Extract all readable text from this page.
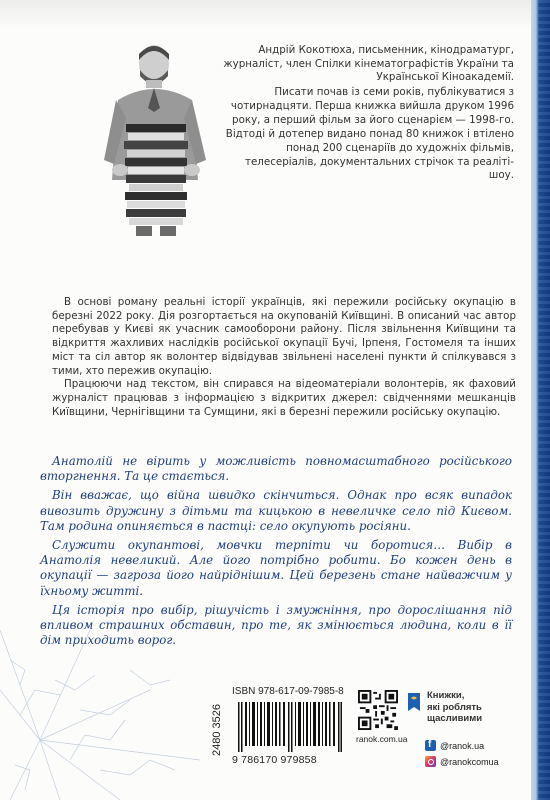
Андрій Кокотюха, письменник, кінодраматург, журналіст, член Спілки кінематографістів України та Української Кіноакадемії.

Писати почав із семи років, публікуватися з чотирнадцяти. Перша книжка вийшла друком 1996 року, а перший фільм за його сценарієм — 1998-го.

Відтоді й дотепер видано понад 80 книжок і втілено понад 200 сценаріїв до художніх фільмів, телесеріалів, документальних стрічок та реаліті-шоу.

В основі роману реальні історії українців, які пережили російську окупацію в березні 2022 року. Дія розгортається на окупованій Київщині. В описаний час автор перебував у Києві як учасник самооборони району. Після звільнення Київщини та відкриття жахливих наслідків російської окупації Бучі, Ірпеня, Гостомеля та інших міст та сіл автор як волонтер відвідував звільнені населені пункти й спілкувався з тими, хто пережив окупацію.

Працюючи над текстом, він спирався на відеоматеріали волонтерів, як фаховий журналіст працював з інформацією з відкритих джерел: свідченнями мешканців Київщини, Чернігівщини та Сумщини, які в березні пережили російську окупацію.

Анатолій не вірить у можливість повномасштабного російського вторгнення. Та це стається.

Він вважає, що війна швидко скінчиться. Однак про всяк випадок вивозить дружину з дітьми та кицькою в невеличке село під Києвом. Там родина опиняється в пастці: село окупують росіяни.

Служити окупантові, мовчки терпіти чи боротися… Вибір в Анатолія невеликий. Але його потрібно робити. Бо кожен день в окупації — загроза його найріднішим. Цей березень стане найважчим у їхньому житті.

Ця історія про вибір, рішучість і змужніння, про дорослішання під впливом страшних обставин, про те, як змінюється людина, коли в її дім приходить ворог.

2480 3526
ISBN 978-617-09-7985-8
9 786170 979858
ranok.com.ua
Книжки,
які роблять
щасливими
f
@ranok.ua
@ranokcomua
